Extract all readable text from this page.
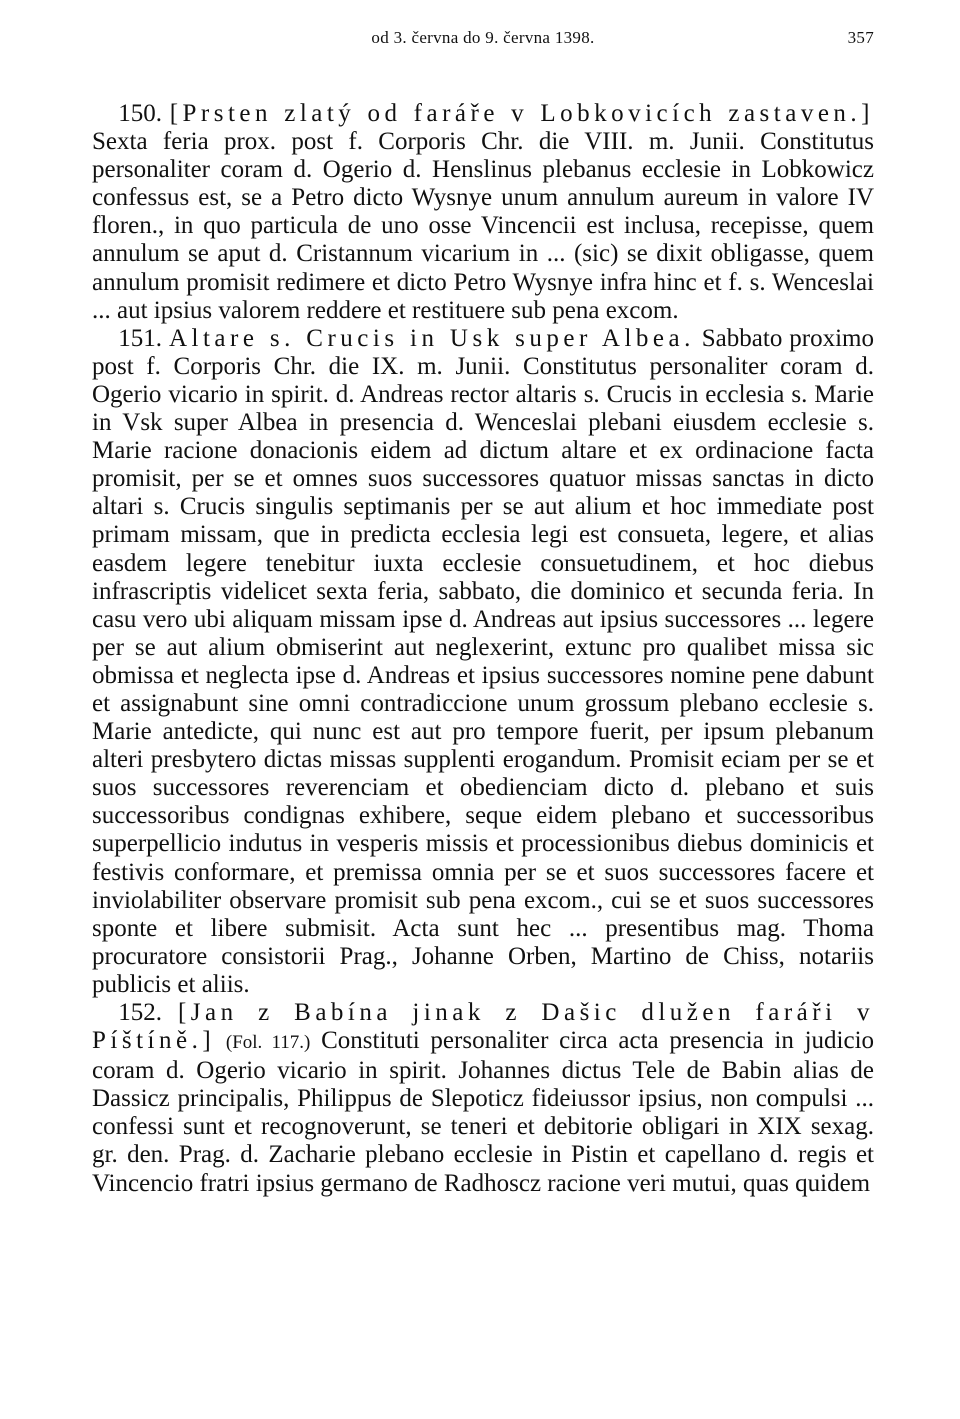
od 3. června do 9. června 1398.	357

150. [Prsten zlatý od faráře v Lobkovicích zastaven.] Sexta feria prox. post f. Corporis Chr. die VIII. m. Junii. Constitutus personaliter coram d. Ogerio d. Henslinus plebanus ecclesie in Lobkowicz confessus est, se a Petro dicto Wysnye unum annulum aureum in valore IV floren., in quo particula de uno osse Vincencii est inclusa, recepisse, quem annulum se aput d. Cristannum vicarium in ... (sic) se dixit obligasse, quem annulum promisit redimere et dicto Petro Wysnye infra hinc et f. s. Wenceslai ... aut ipsius valorem reddere et restituere sub pena excom.

151. Altare s. Crucis in Usk super Albea. Sabbato proximo post f. Corporis Chr. die IX. m. Junii. Constitutus personaliter coram d. Ogerio vicario in spirit. d. Andreas rector altaris s. Crucis in ecclesia s. Marie in Vsk super Albea in presencia d. Wenceslai plebani eiusdem ecclesie s. Marie racione donacionis eidem ad dictum altare et ex ordinacione facta promisit, per se et omnes suos successores quatuor missas sanctas in dicto altari s. Crucis singulis septimanis per se aut alium et hoc immediate post primam missam, que in predicta ecclesia legi est consueta, legere, et alias easdem legere tenebitur iuxta ecclesie consuetudinem, et hoc diebus infrascriptis videlicet sexta feria, sabbato, die dominico et secunda feria. In casu vero ubi aliquam missam ipse d. Andreas aut ipsius successores ... legere per se aut alium obmiserint aut neglexerint, extunc pro qualibet missa sic obmissa et neglecta ipse d. Andreas et ipsius successores nomine pene dabunt et assignabunt sine omni contradiccione unum grossum plebano ecclesie s. Marie antedicte, qui nunc est aut pro tempore fuerit, per ipsum plebanum alteri presbytero dictas missas supplenti erogandum. Promisit eciam per se et suos successores reverenciam et obedienciam dicto d. plebano et suis successoribus condignas exhibere, seque eidem plebano et successoribus superpellicio indutus in vesperis missis et processionibus diebus dominicis et festivis conformare, et premissa omnia per se et suos successores facere et inviolabiliter observare promisit sub pena excom., cui se et suos successores sponte et libere submisit. Acta sunt hec ... presentibus mag. Thoma procuratore consistorii Prag., Johanne Orben, Martino de Chiss, notariis publicis et aliis.

152. [Jan z Babína jinak z Dašic dlužen faráři v Píštíně.] (Fol. 117.) Constituti personaliter circa acta presencia in judicio coram d. Ogerio vicario in spirit. Johannes dictus Tele de Babin alias de Dassicz principalis, Philippus de Slepoticz fideiussor ipsius, non compulsi ... confessi sunt et recognoverunt, se teneri et debitorie obligari in XIX sexag. gr. den. Prag. d. Zacharie plebano ecclesie in Pistin et capellano d. regis et Vincencio fratri ipsius germano de Radhoscz racione veri mutui, quas quidem
